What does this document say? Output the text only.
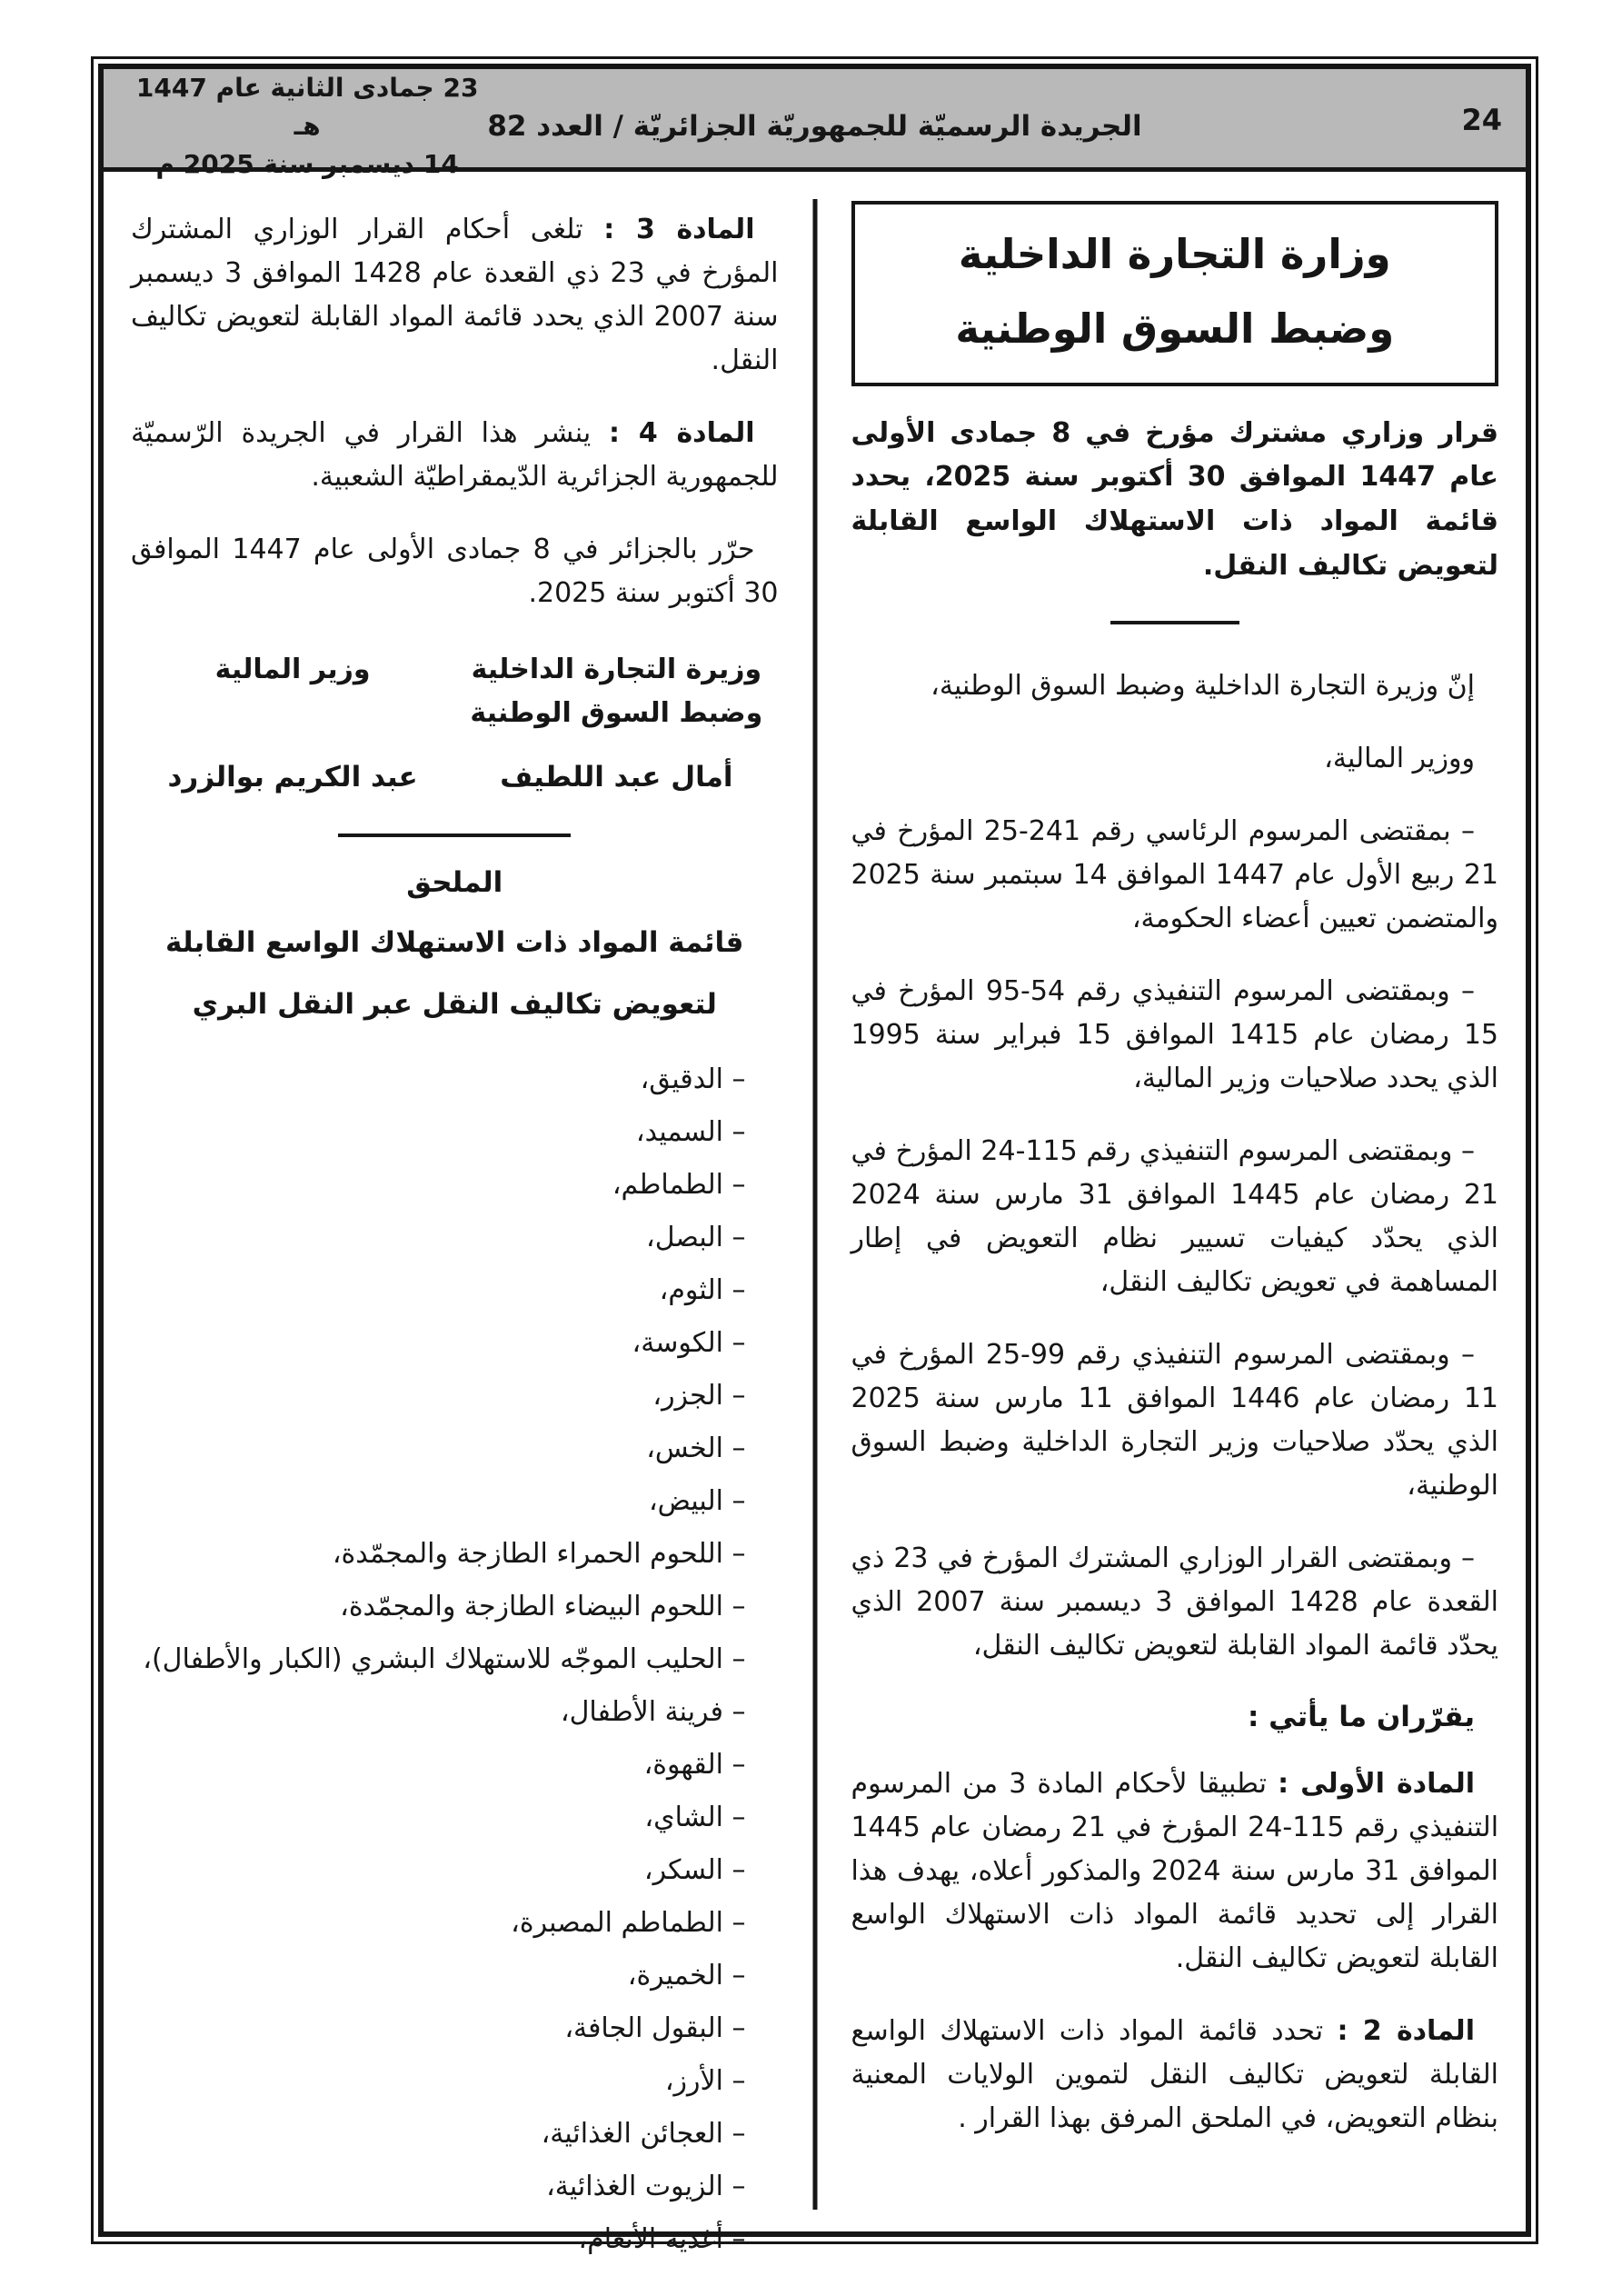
23 جمادى الثانية عام 1447 هـ
14 ديسمبر سنة 2025 م
الجريدة الرسميّة للجمهوريّة الجزائريّة / العدد 82	24
وزارة التجارة الداخلية
وضبط السوق الوطنية

قرار وزاري مشترك مؤرخ في 8 جمادى الأولى عام 1447 الموافق 30 أكتوبر سنة 2025، يحدد قائمة المواد ذات الاستهلاك الواسع القابلة لتعويض تكاليف النقل.

إنّ وزيرة التجارة الداخلية وضبط السوق الوطنية،

ووزير المالية،

– بمقتضى المرسوم الرئاسي رقم 241-25 المؤرخ في 21 ربيع الأول عام 1447 الموافق 14 سبتمبر سنة 2025 والمتضمن تعيين أعضاء الحكومة،

– وبمقتضى المرسوم التنفيذي رقم 54-95 المؤرخ في 15 رمضان عام 1415 الموافق 15 فبراير سنة 1995 الذي يحدد صلاحيات وزير المالية،

– وبمقتضى المرسوم التنفيذي رقم 115-24 المؤرخ في 21 رمضان عام 1445 الموافق 31 مارس سنة 2024 الذي يحدّد كيفيات تسيير نظام التعويض في إطار المساهمة في تعويض تكاليف النقل،

– وبمقتضى المرسوم التنفيذي رقم 99-25 المؤرخ في 11 رمضان عام 1446 الموافق 11 مارس سنة 2025 الذي يحدّد صلاحيات وزير التجارة الداخلية وضبط السوق الوطنية،

– وبمقتضى القرار الوزاري المشترك المؤرخ في 23 ذي القعدة عام 1428 الموافق 3 ديسمبر سنة 2007 الذي يحدّد قائمة المواد القابلة لتعويض تكاليف النقل،

يقرّران ما يأتي :

المادة الأولى : تطبيقا لأحكام المادة 3 من المرسوم التنفيذي رقم 115-24 المؤرخ في 21 رمضان عام 1445 الموافق 31 مارس سنة 2024 والمذكور أعلاه، يهدف هذا القرار إلى تحديد قائمة المواد ذات الاستهلاك الواسع القابلة لتعويض تكاليف النقل.

المادة 2 : تحدد قائمة المواد ذات الاستهلاك الواسع القابلة لتعويض تكاليف النقل لتموين الولايات المعنية بنظام التعويض، في الملحق المرفق بهذا القرار .

المادة 3 : تلغى أحكام القرار الوزاري المشترك المؤرخ في 23 ذي القعدة عام 1428 الموافق 3 ديسمبر سنة 2007 الذي يحدد قائمة المواد القابلة لتعويض تكاليف النقل.

المادة 4 : ينشر هذا القرار في الجريدة الرّسميّة للجمهورية الجزائرية الدّيمقراطيّة الشعبية.

حرّر بالجزائر في 8 جمادى الأولى عام 1447 الموافق 30 أكتوبر سنة 2025.

وزيرة التجارة الداخلية
وضبط السوق الوطنية
أمال عبد اللطيف
وزير المالية
عبد الكريم بوالزرد
الملحق
قائمة المواد ذات الاستهلاك الواسع القابلة
لتعويض تكاليف النقل عبر النقل البري
– الدقيق،
– السميد،
– الطماطم،
– البصل،
– الثوم،
– الكوسة،
– الجزر،
– الخس،
– البيض،
– اللحوم الحمراء الطازجة والمجمّدة،
– اللحوم البيضاء الطازجة والمجمّدة،
– الحليب الموجّه للاستهلاك البشري (الكبار والأطفال)،
– فرينة الأطفال،
– القهوة،
– الشاي،
– السكر،
– الطماطم المصبرة،
– الخميرة،
– البقول الجافة،
– الأرز،
– العجائن الغذائية،
– الزيوت الغذائية،
– أغذية الأنعام،
